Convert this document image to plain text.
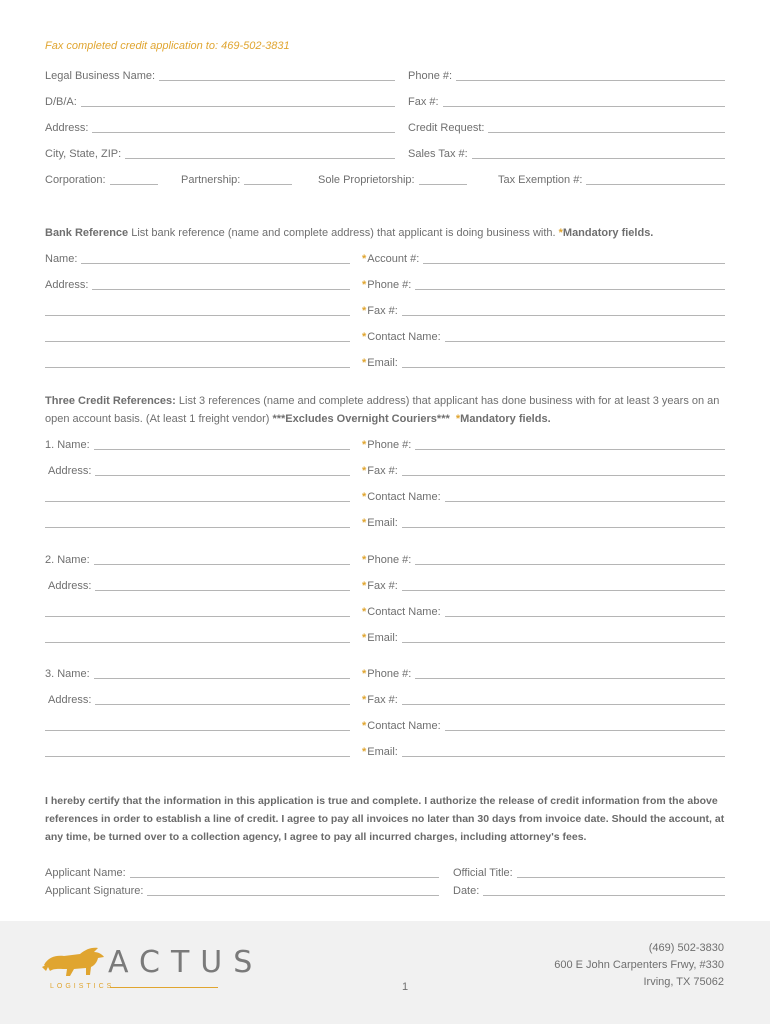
Fax completed credit application to: 469-502-3831
Legal Business Name:	Phone #:
D/B/A:	Fax #:
Address:	Credit Request:
City, State, ZIP:	Sales Tax #:
Corporation:	Partnership:	Sole Proprietorship:	Tax Exemption #:
Bank Reference List bank reference (name and complete address) that applicant is doing business with. *Mandatory fields.
Name:	*Account #:
Address:	*Phone #:
*Fax #:
*Contact Name:
*Email:
Three Credit References: List 3 references (name and complete address) that applicant has done business with for at least 3 years on an open account basis. (At least 1 freight vendor) ***Excludes Overnight Couriers*** *Mandatory fields.
1. Name:	*Phone #:
Address:	*Fax #:
*Contact Name:
*Email:
2. Name:	*Phone #:
Address:	*Fax #:
*Contact Name:
*Email:
3. Name:	*Phone #:
Address:	*Fax #:
*Contact Name:
*Email:
I hereby certify that the information in this application is true and complete. I authorize the release of credit information from the above references in order to establish a line of credit. I agree to pay all invoices no later than 30 days from invoice date. Should the account, at any time, be turned over to a collection agency, I agree to pay all incurred charges, including attorney's fees.
Applicant Name:	Official Title:
Applicant Signature:	Date:
ACTUS
LOGISTICS	1
(469) 502-3830
600 E John Carpenters Frwy, #330
Irving, TX 75062
